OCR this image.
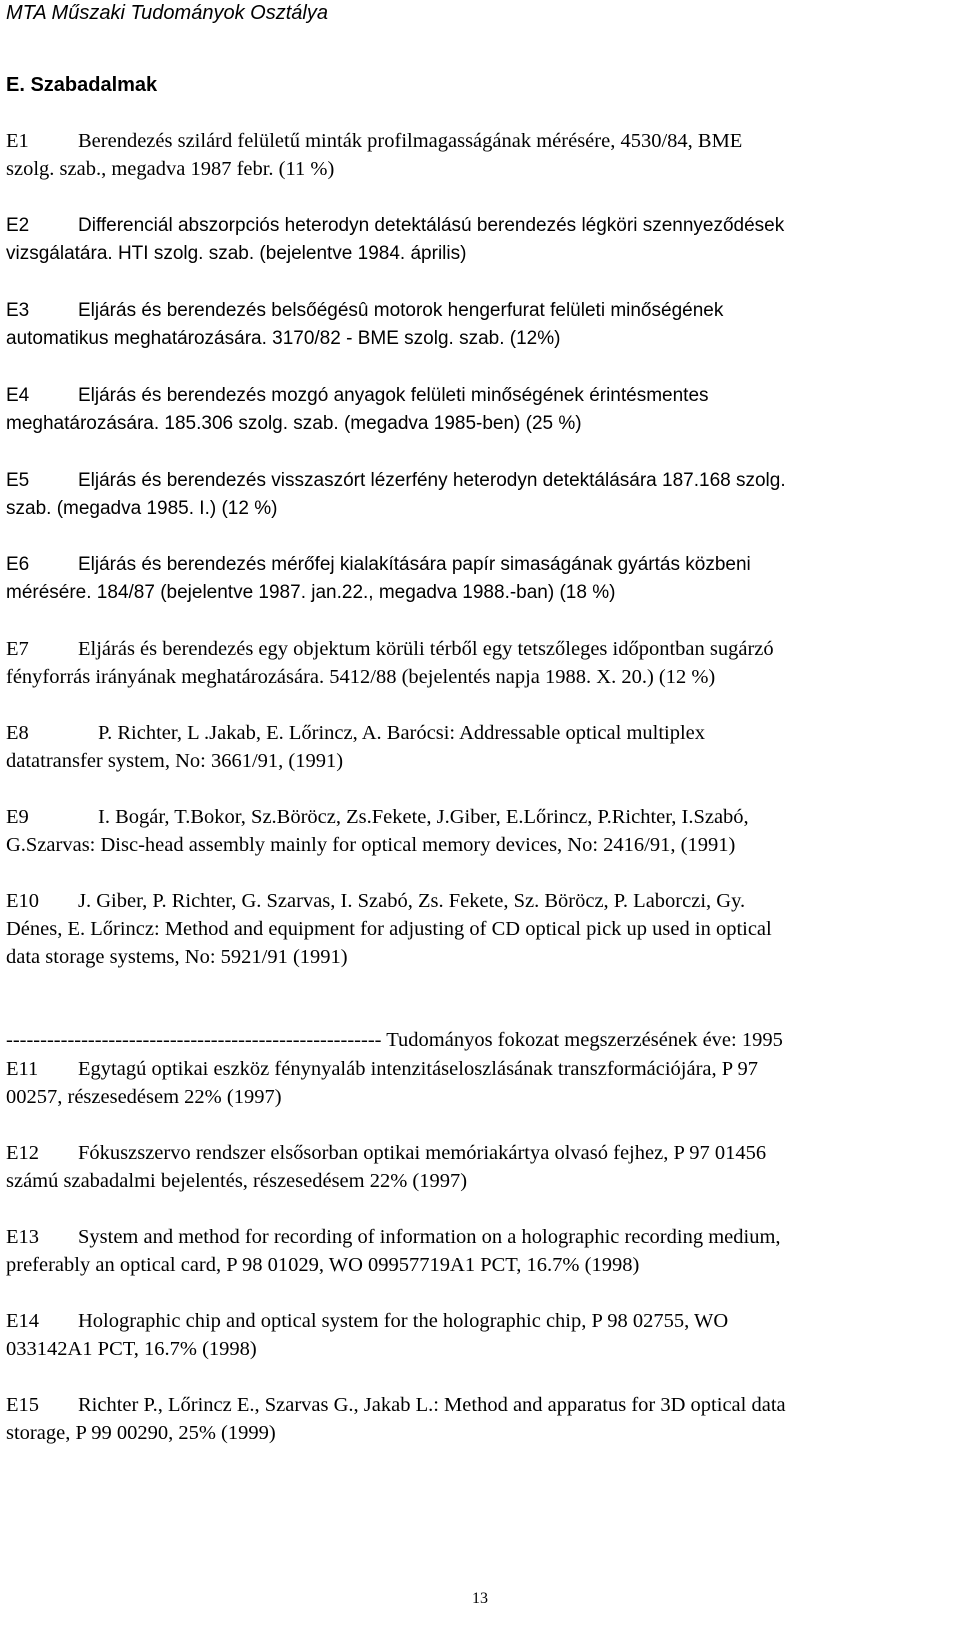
MTA Műszaki Tudományok Osztálya
E. Szabadalmak
E1 Berendezés szilárd felületű minták profilmagasságának mérésére, 4530/84, BME
szolg. szab., megadva 1987 febr. (11 %)
E2	Differenciál abszorpciós heterodyn detektálású berendezés légköri szennyeződések
vizsgálatára. HTI szolg. szab. (bejelentve 1984. április)
E3	Eljárás és berendezés belsőégésû motorok hengerfurat felületi minőségének
automatikus meghatározására. 3170/82 - BME szolg. szab. (12%)
E4	Eljárás és berendezés mozgó anyagok felületi minőségének érintésmentes
meghatározására. 185.306 szolg. szab. (megadva 1985-ben) (25 %)
E5	Eljárás és berendezés visszaszórt lézerfény heterodyn detektálására 187.168 szolg.
szab. (megadva 1985. I.) (12 %)
E6	Eljárás és berendezés mérőfej kialakítására papír simaságának gyártás közbeni
mérésére. 184/87 (bejelentve 1987. jan.22., megadva 1988.-ban) (18 %)
E7 Eljárás és berendezés egy objektum körüli térből egy tetszőleges időpontban sugárzó
fényforrás irányának meghatározására. 5412/88 (bejelentés napja 1988. X. 20.) (12 %)
E8	P. Richter, L .Jakab, E. Lőrincz, A. Barócsi: Addressable optical multiplex
datatransfer system, No: 3661/91, (1991)
E9	I. Bogár, T.Bokor, Sz.Böröcz, Zs.Fekete, J.Giber, E.Lőrincz, P.Richter, I.Szabó,
G.Szarvas: Disc-head assembly mainly for optical memory devices, No: 2416/91, (1991)
E10 J. Giber, P. Richter, G. Szarvas, I. Szabó, Zs. Fekete, Sz. Böröcz, P. Laborczi, Gy.
Dénes, E. Lőrincz: Method and equipment for adjusting of CD optical pick up used in optical
data storage systems, No: 5921/91 (1991)
------------------------------------------------------- Tudományos fokozat megszerzésének éve: 1995
E11 Egytagú optikai eszköz fénynyaláb intenzitáseloszlásának transzformációjára, P 97
00257, részesedésem 22% (1997)
E12 Fókuszszervo rendszer elsősorban optikai memóriakártya olvasó fejhez, P 97 01456
számú szabadalmi bejelentés, részesedésem 22% (1997)
E13 System and method for recording of information on a holographic recording medium,
preferably an optical card, P 98 01029, WO 09957719A1 PCT, 16.7% (1998)
E14 Holographic chip and optical system for the holographic chip, P 98 02755, WO
033142A1 PCT, 16.7% (1998)
E15 Richter P., Lőrincz E., Szarvas G., Jakab L.: Method and apparatus for 3D optical data
storage, P 99 00290, 25% (1999)
13
